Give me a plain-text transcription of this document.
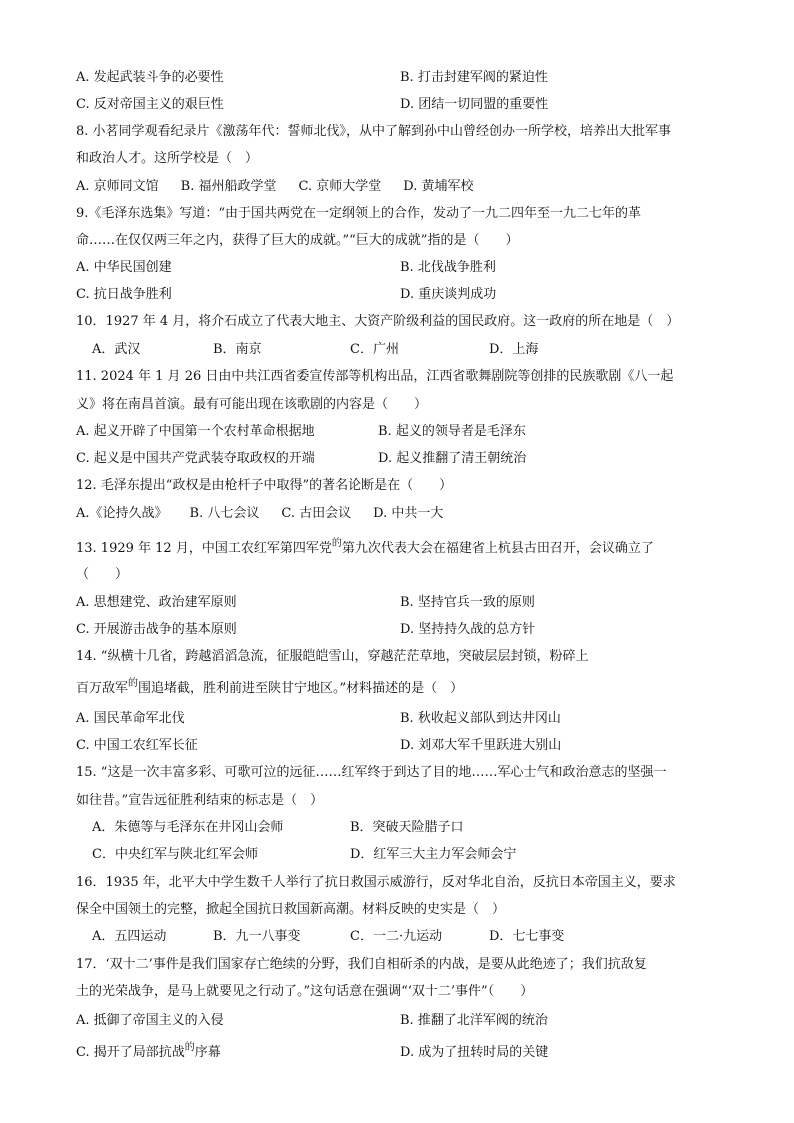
A. 发起武装斗争的必要性	B. 打击封建军阀的紧迫性
C. 反对帝国主义的艰巨性	D. 团结一切同盟的重要性
8. 小茗同学观看纪录片《激荡年代：誓师北伐》，从中了解到孙中山曾经创办一所学校，培养出大批军事
和政治人才。这所学校是（　）
A. 京师同文馆 B. 福州船政学堂 C. 京师大学堂 D. 黄埔军校
9.《毛泽东选集》写道：“由于国共两党在一定纲领上的合作，发动了一九二四年至一九二七年的革
命……在仅仅两三年之内，获得了巨大的成就。”“巨大的成就”指的是（　　）
A. 中华民国创建	B. 北伐战争胜利
C. 抗日战争胜利	D. 重庆谈判成功
10．1927 年 4 月，将介石成立了代表大地主、大资产阶级利益的国民政府。这一政府的所在地是（　）
A．武汉	B．南京	C．广州	D．上海
11. 2024 年 1 月 26 日由中共江西省委宣传部等机构出品，江西省歌舞剧院等创排的民族歌剧《八一起
义》将在南昌首演。最有可能出现在该歌剧的内容是（　　）
A. 起义开辟了中国第一个农村革命根据地	B. 起义的领导者是毛泽东
C. 起义是中国共产党武装夺取政权的开端	D. 起义推翻了清王朝统治
12. 毛泽东提出“政权是由枪杆子中取得”的著名论断是在（　　）
A.《论持久战》 B. 八七会议 C. 古田会议 D. 中共一大
13. 1929 年 12 月，中国工农红军第四军党$^的$第九次代表大会在福建省上杭县古田召开，会议确立了
（　　）
A. 思想建党、政治建军原则	B. 坚持官兵一致的原则
C. 开展游击战争的基本原则	D. 坚持持久战的总方针
14. “纵横十几省，跨越滔滔急流，征服皑皑雪山，穿越茫茫草地，突破层层封锁，粉碎上
百万敌军$^的$围追堵截，胜利前进至陕甘宁地区。”材料描述的是（　）
A. 国民革命军北伐	B. 秋收起义部队到达井冈山
C. 中国工农红军长征	D. 刘邓大军千里跃进大别山
15. “这是一次丰富多彩、可歌可泣的远征……红军终于到达了目的地……军心士气和政治意志的坚强一
如往昔。”宣告远征胜利结束的标志是（　）
A．朱德等与毛泽东在井冈山会师	B．突破天险腊子口
C．中央红军与陕北红军会师	D．红军三大主力军会师会宁
16．1935 年，北平大中学生数千人举行了抗日救国示威游行，反对华北自治，反抗日本帝国主义，要求
保全中国领土的完整，掀起全国抗日救国新高潮。材料反映的史实是（　）
A．五四运动	B．九一八事变	C．一二·九运动	D．七七事变
17．‘双十二’事件是我们国家存亡绝续的分野，我们自相斫杀的内战，是要从此绝迹了；我们抗敌复
土的光荣战争，是马上就要见之行动了。”这句话意在强调“‘双十二’事件”（　　）
A. 抵御了帝国主义的入侵	B. 推翻了北洋军阀的统治
C. 揭开了局部抗战$^的$序幕	D. 成为了扭转时局的关键
